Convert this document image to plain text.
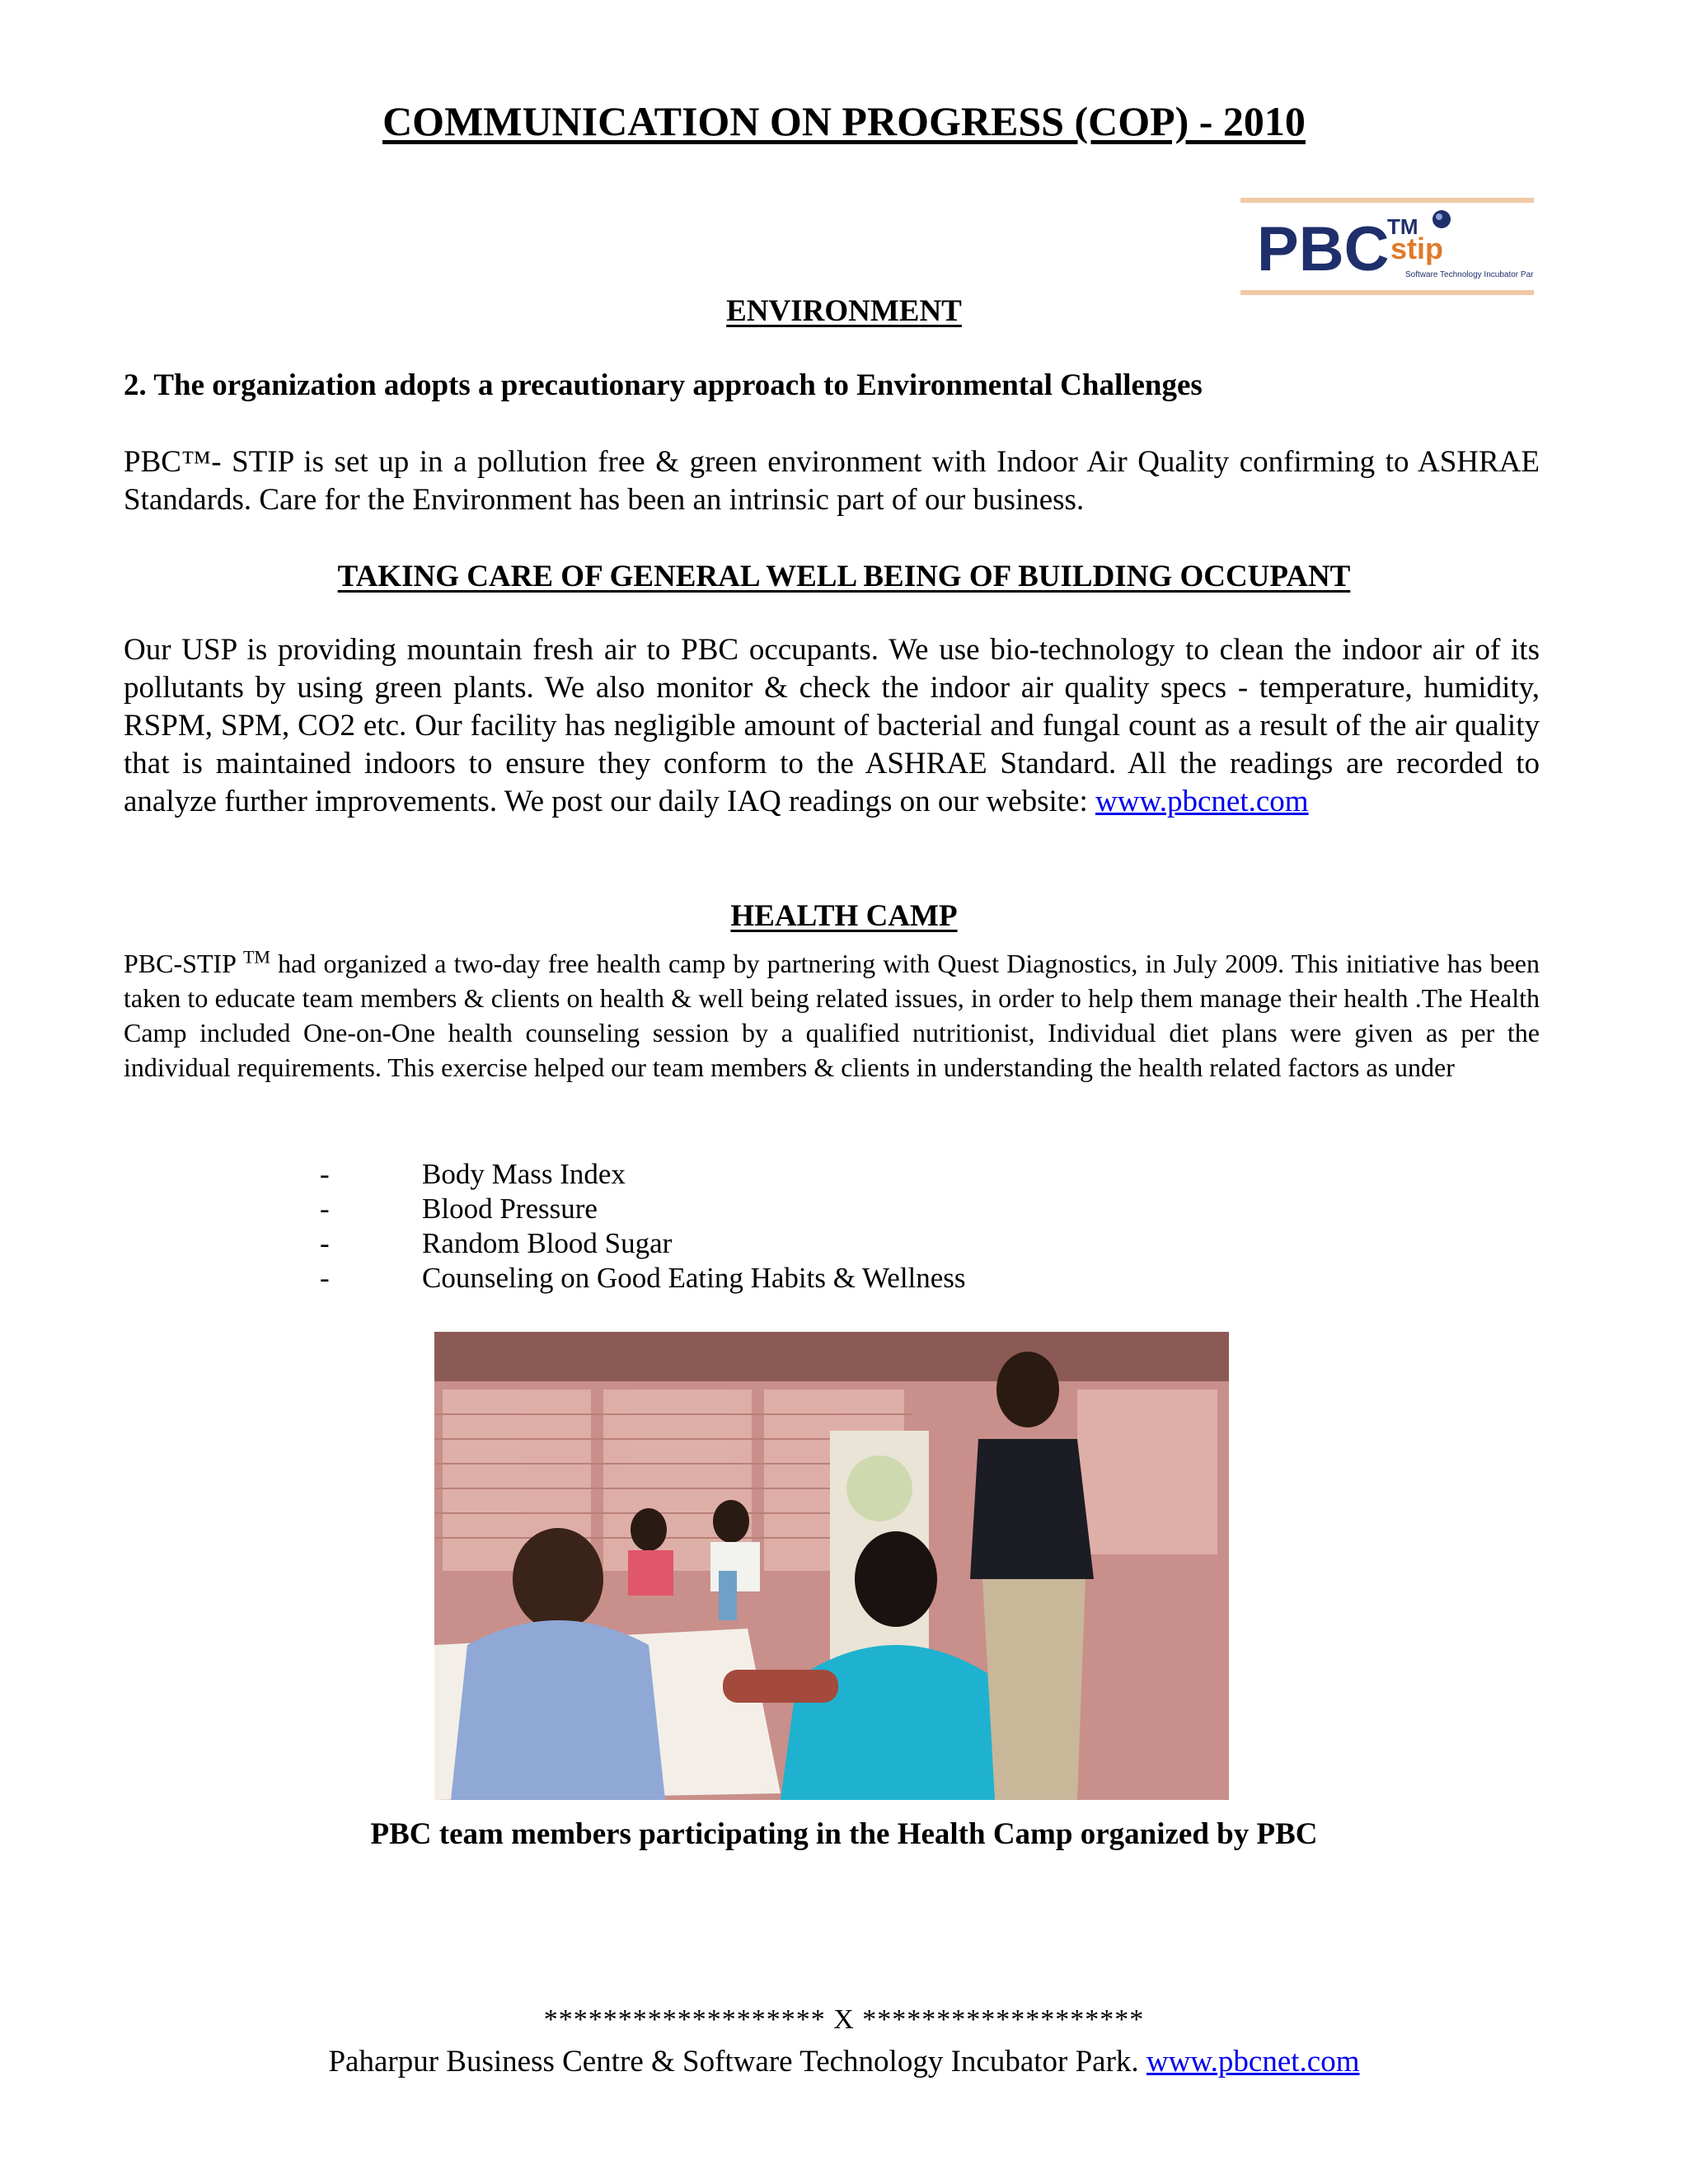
COMMUNICATION ON PROGRESS (COP) - 2010
PBC
TM
stip
Software Technology Incubator Park
ENVIRONMENT
2. The organization adopts a precautionary approach to Environmental Challenges
PBC™- STIP is set up in a pollution free & green environment with Indoor Air Quality confirming to ASHRAE Standards. Care for the Environment has been an intrinsic part of our business.
TAKING CARE OF GENERAL WELL BEING OF BUILDING OCCUPANT
Our USP is providing mountain fresh air to PBC occupants. We use bio-technology to clean the indoor air of its pollutants by using green plants. We also monitor & check the indoor air quality specs - temperature, humidity, RSPM, SPM, CO2 etc. Our facility has negligible amount of bacterial and fungal count as a result of the air quality that is maintained indoors to ensure they conform to the ASHRAE Standard. All the readings are recorded to analyze further improvements. We post our daily IAQ readings on our website: www.pbcnet.com
HEALTH CAMP
PBC-STIP ™ had organized a two-day free health camp by partnering with Quest Diagnostics, in July 2009. This initiative has been taken to educate team members & clients on health & well being related issues, in order to help them manage their health .The Health Camp included One-on-One health counseling session by a qualified nutritionist, Individual diet plans were given as per the individual requirements. This exercise helped our team members & clients in understanding the health related factors as under
-	Body Mass Index
-	Blood Pressure
-	Random Blood Sugar
-	Counseling on Good Eating Habits & Wellness
PBC team members participating in the Health Camp organized by PBC
******************* X *******************
Paharpur Business Centre & Software Technology Incubator Park. www.pbcnet.com
